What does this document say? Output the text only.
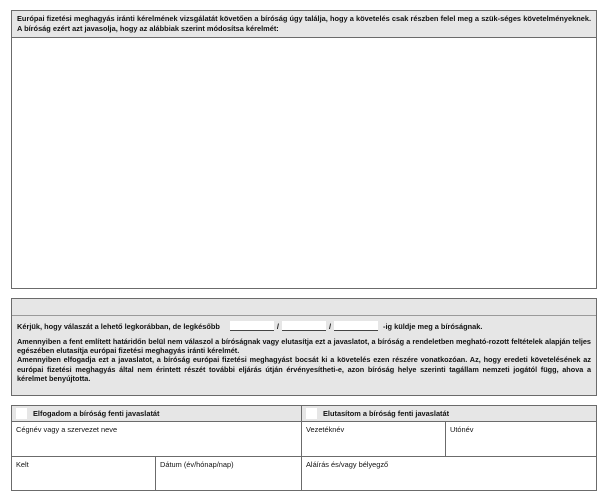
Európai fizetési meghagyás iránti kérelmének vizsgálatát követően a bíróság úgy találja, hogy a követelés csak részben felel meg a szük-séges követelményeknek. A bíróság ezért azt javasolja, hogy az alábbiak szerint módosítsa kérelmét:
Kérjük, hogy válaszát a lehető legkorábban, de legkésőbb	/	/	-ig küldje meg a bíróságnak.

Amennyiben a fent említett határidőn belül nem válaszol a bíróságnak vagy elutasítja ezt a javaslatot, a bíróság a rendeletben megható-rozott feltételek alapján teljes egészében elutasítja európai fizetési meghagyás iránti kérelmét.

Amennyiben elfogadja ezt a javaslatot, a bíróság európai fizetési meghagyást bocsát ki a követelés ezen részére vonatkozóan. Az, hogy eredeti követelésének az európai fizetési meghagyás által nem érintett részét további eljárás útján érvényesítheti-e, azon bíróság helye szerinti tagállam nemzeti jogától függ, ahova a kérelmet benyújtotta.

Elfogadom a bíróság fenti javaslatát	Elutasítom a bíróság fenti javaslatát
Cégnév vagy a szervezet neve	Vezetéknév	Utónév
Kelt	Dátum (év/hónap/nap)	Aláírás és/vagy bélyegző
